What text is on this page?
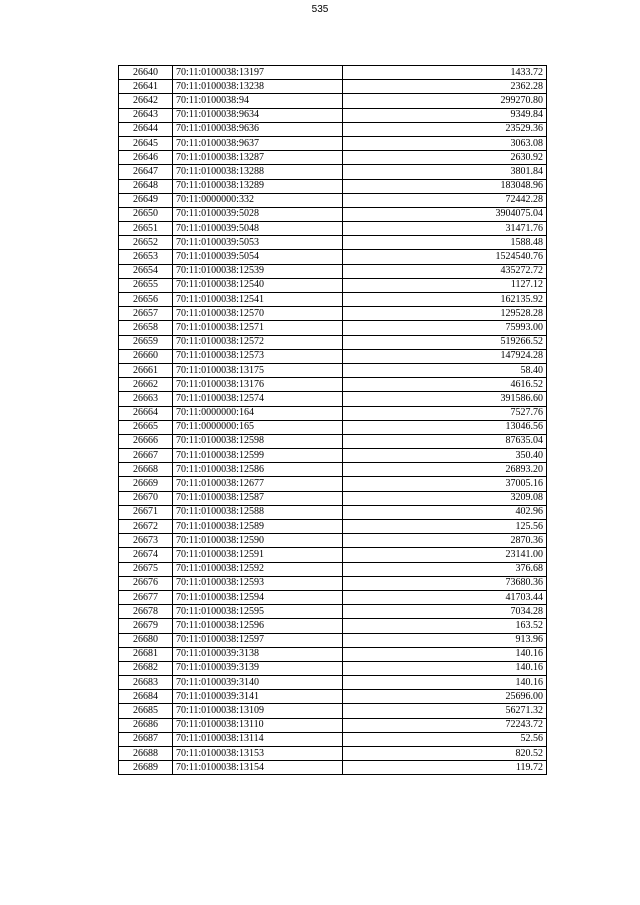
535
26640	70:11:0100038:13197	1433.72
26641	70:11:0100038:13238	2362.28
26642	70:11:0100038:94	299270.80
26643	70:11:0100038:9634	9349.84
26644	70:11:0100038:9636	23529.36
26645	70:11:0100038:9637	3063.08
26646	70:11:0100038:13287	2630.92
26647	70:11:0100038:13288	3801.84
26648	70:11:0100038:13289	183048.96
26649	70:11:0000000:332	72442.28
26650	70:11:0100039:5028	3904075.04
26651	70:11:0100039:5048	31471.76
26652	70:11:0100039:5053	1588.48
26653	70:11:0100039:5054	1524540.76
26654	70:11:0100038:12539	435272.72
26655	70:11:0100038:12540	1127.12
26656	70:11:0100038:12541	162135.92
26657	70:11:0100038:12570	129528.28
26658	70:11:0100038:12571	75993.00
26659	70:11:0100038:12572	519266.52
26660	70:11:0100038:12573	147924.28
26661	70:11:0100038:13175	58.40
26662	70:11:0100038:13176	4616.52
26663	70:11:0100038:12574	391586.60
26664	70:11:0000000:164	7527.76
26665	70:11:0000000:165	13046.56
26666	70:11:0100038:12598	87635.04
26667	70:11:0100038:12599	350.40
26668	70:11:0100038:12586	26893.20
26669	70:11:0100038:12677	37005.16
26670	70:11:0100038:12587	3209.08
26671	70:11:0100038:12588	402.96
26672	70:11:0100038:12589	125.56
26673	70:11:0100038:12590	2870.36
26674	70:11:0100038:12591	23141.00
26675	70:11:0100038:12592	376.68
26676	70:11:0100038:12593	73680.36
26677	70:11:0100038:12594	41703.44
26678	70:11:0100038:12595	7034.28
26679	70:11:0100038:12596	163.52
26680	70:11:0100038:12597	913.96
26681	70:11:0100039:3138	140.16
26682	70:11:0100039:3139	140.16
26683	70:11:0100039:3140	140.16
26684	70:11:0100039:3141	25696.00
26685	70:11:0100038:13109	56271.32
26686	70:11:0100038:13110	72243.72
26687	70:11:0100038:13114	52.56
26688	70:11:0100038:13153	820.52
26689	70:11:0100038:13154	119.72
